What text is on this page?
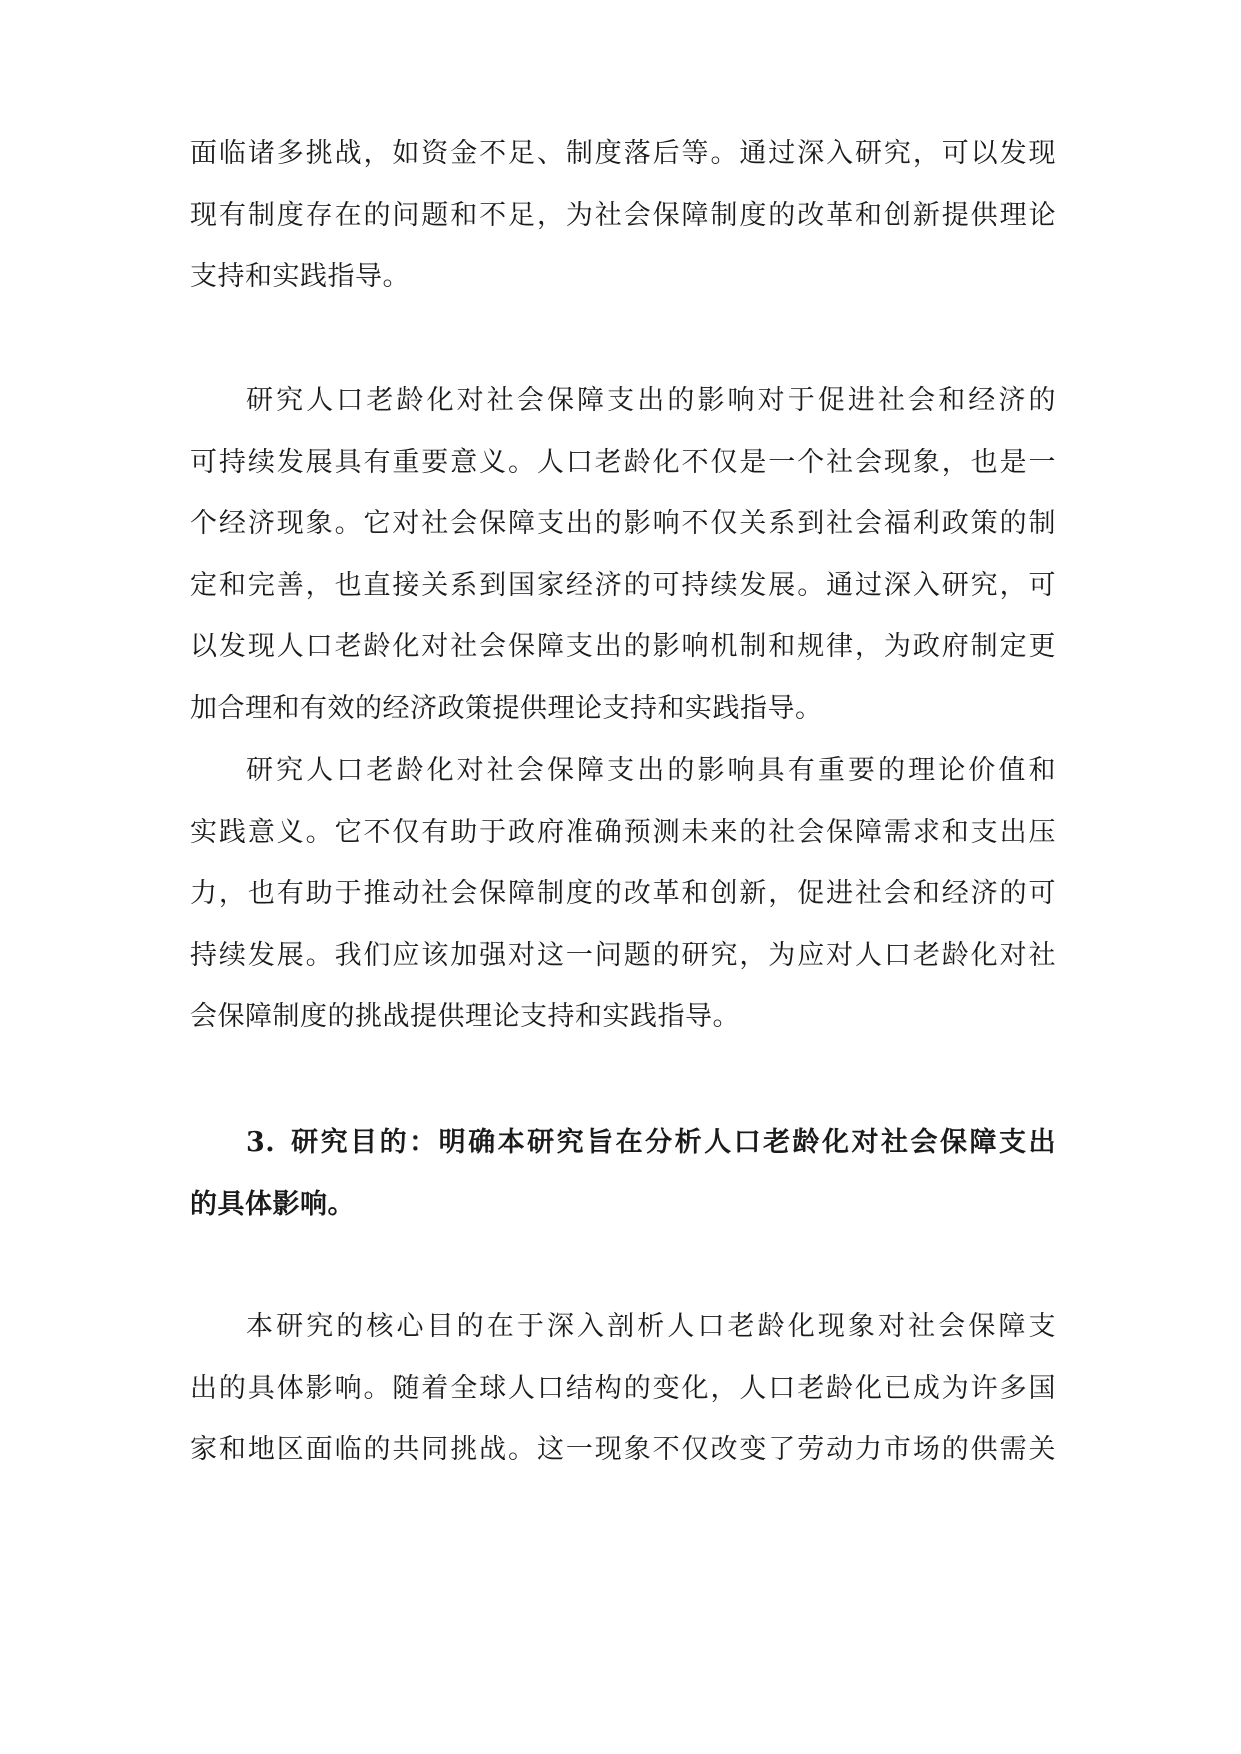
面临诸多挑战，如资金不足、制度落后等。通过深入研究，可以发现
现有制度存在的问题和不足，为社会保障制度的改革和创新提供理论
支持和实践指导。
研究人口老龄化对社会保障支出的影响对于促进社会和经济的
可持续发展具有重要意义。人口老龄化不仅是一个社会现象，也是一
个经济现象。它对社会保障支出的影响不仅关系到社会福利政策的制
定和完善，也直接关系到国家经济的可持续发展。通过深入研究，可
以发现人口老龄化对社会保障支出的影响机制和规律，为政府制定更
加合理和有效的经济政策提供理论支持和实践指导。
研究人口老龄化对社会保障支出的影响具有重要的理论价值和
实践意义。它不仅有助于政府准确预测未来的社会保障需求和支出压
力，也有助于推动社会保障制度的改革和创新，促进社会和经济的可
持续发展。我们应该加强对这一问题的研究，为应对人口老龄化对社
会保障制度的挑战提供理论支持和实践指导。
3. 研究目的：明确本研究旨在分析人口老龄化对社会保障支出
的具体影响。
本研究的核心目的在于深入剖析人口老龄化现象对社会保障支
出的具体影响。随着全球人口结构的变化，人口老龄化已成为许多国
家和地区面临的共同挑战。这一现象不仅改变了劳动力市场的供需关
